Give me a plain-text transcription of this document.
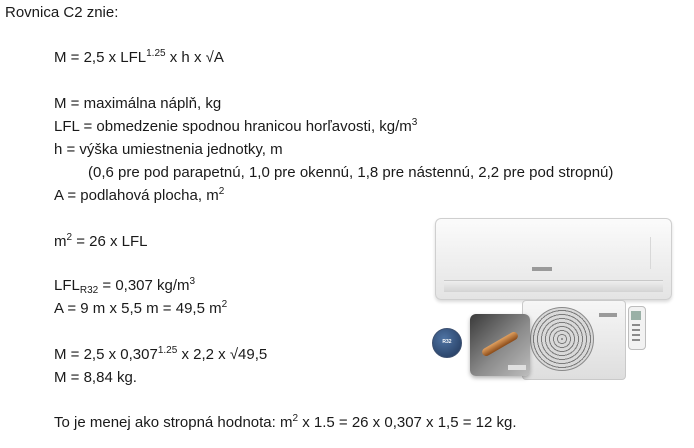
Rovnica C2 znie:
M = 2,5 x $LFL^{1.25}$ x h x √A
M = maximálna náplň, kg
LFL = obmedzenie spodnou hranicou horľavosti, $kg/m^3$
h = výška umiestnenia jednotky, m
(0,6 pre pod parapetnú, 1,0 pre okennú, 1,8 pre nástennú, 2,2 pre pod stropnú)
A = podlahová plocha, $m^2$
$m^2 = 26$ x LFL
$LFL_{R32} = 0,307$ $kg/m^3$
A = 9 m x 5,5 m = 49,5 $m^2$
M = 2,5 x $0,307^{1.25}$ x 2,2 x √49,5
M = 8,84 kg.
To je menej ako stropná hodnota: $m^2$ x 1.5 = 26 x 0,307 x 1,5 = 12 kg.
R32
